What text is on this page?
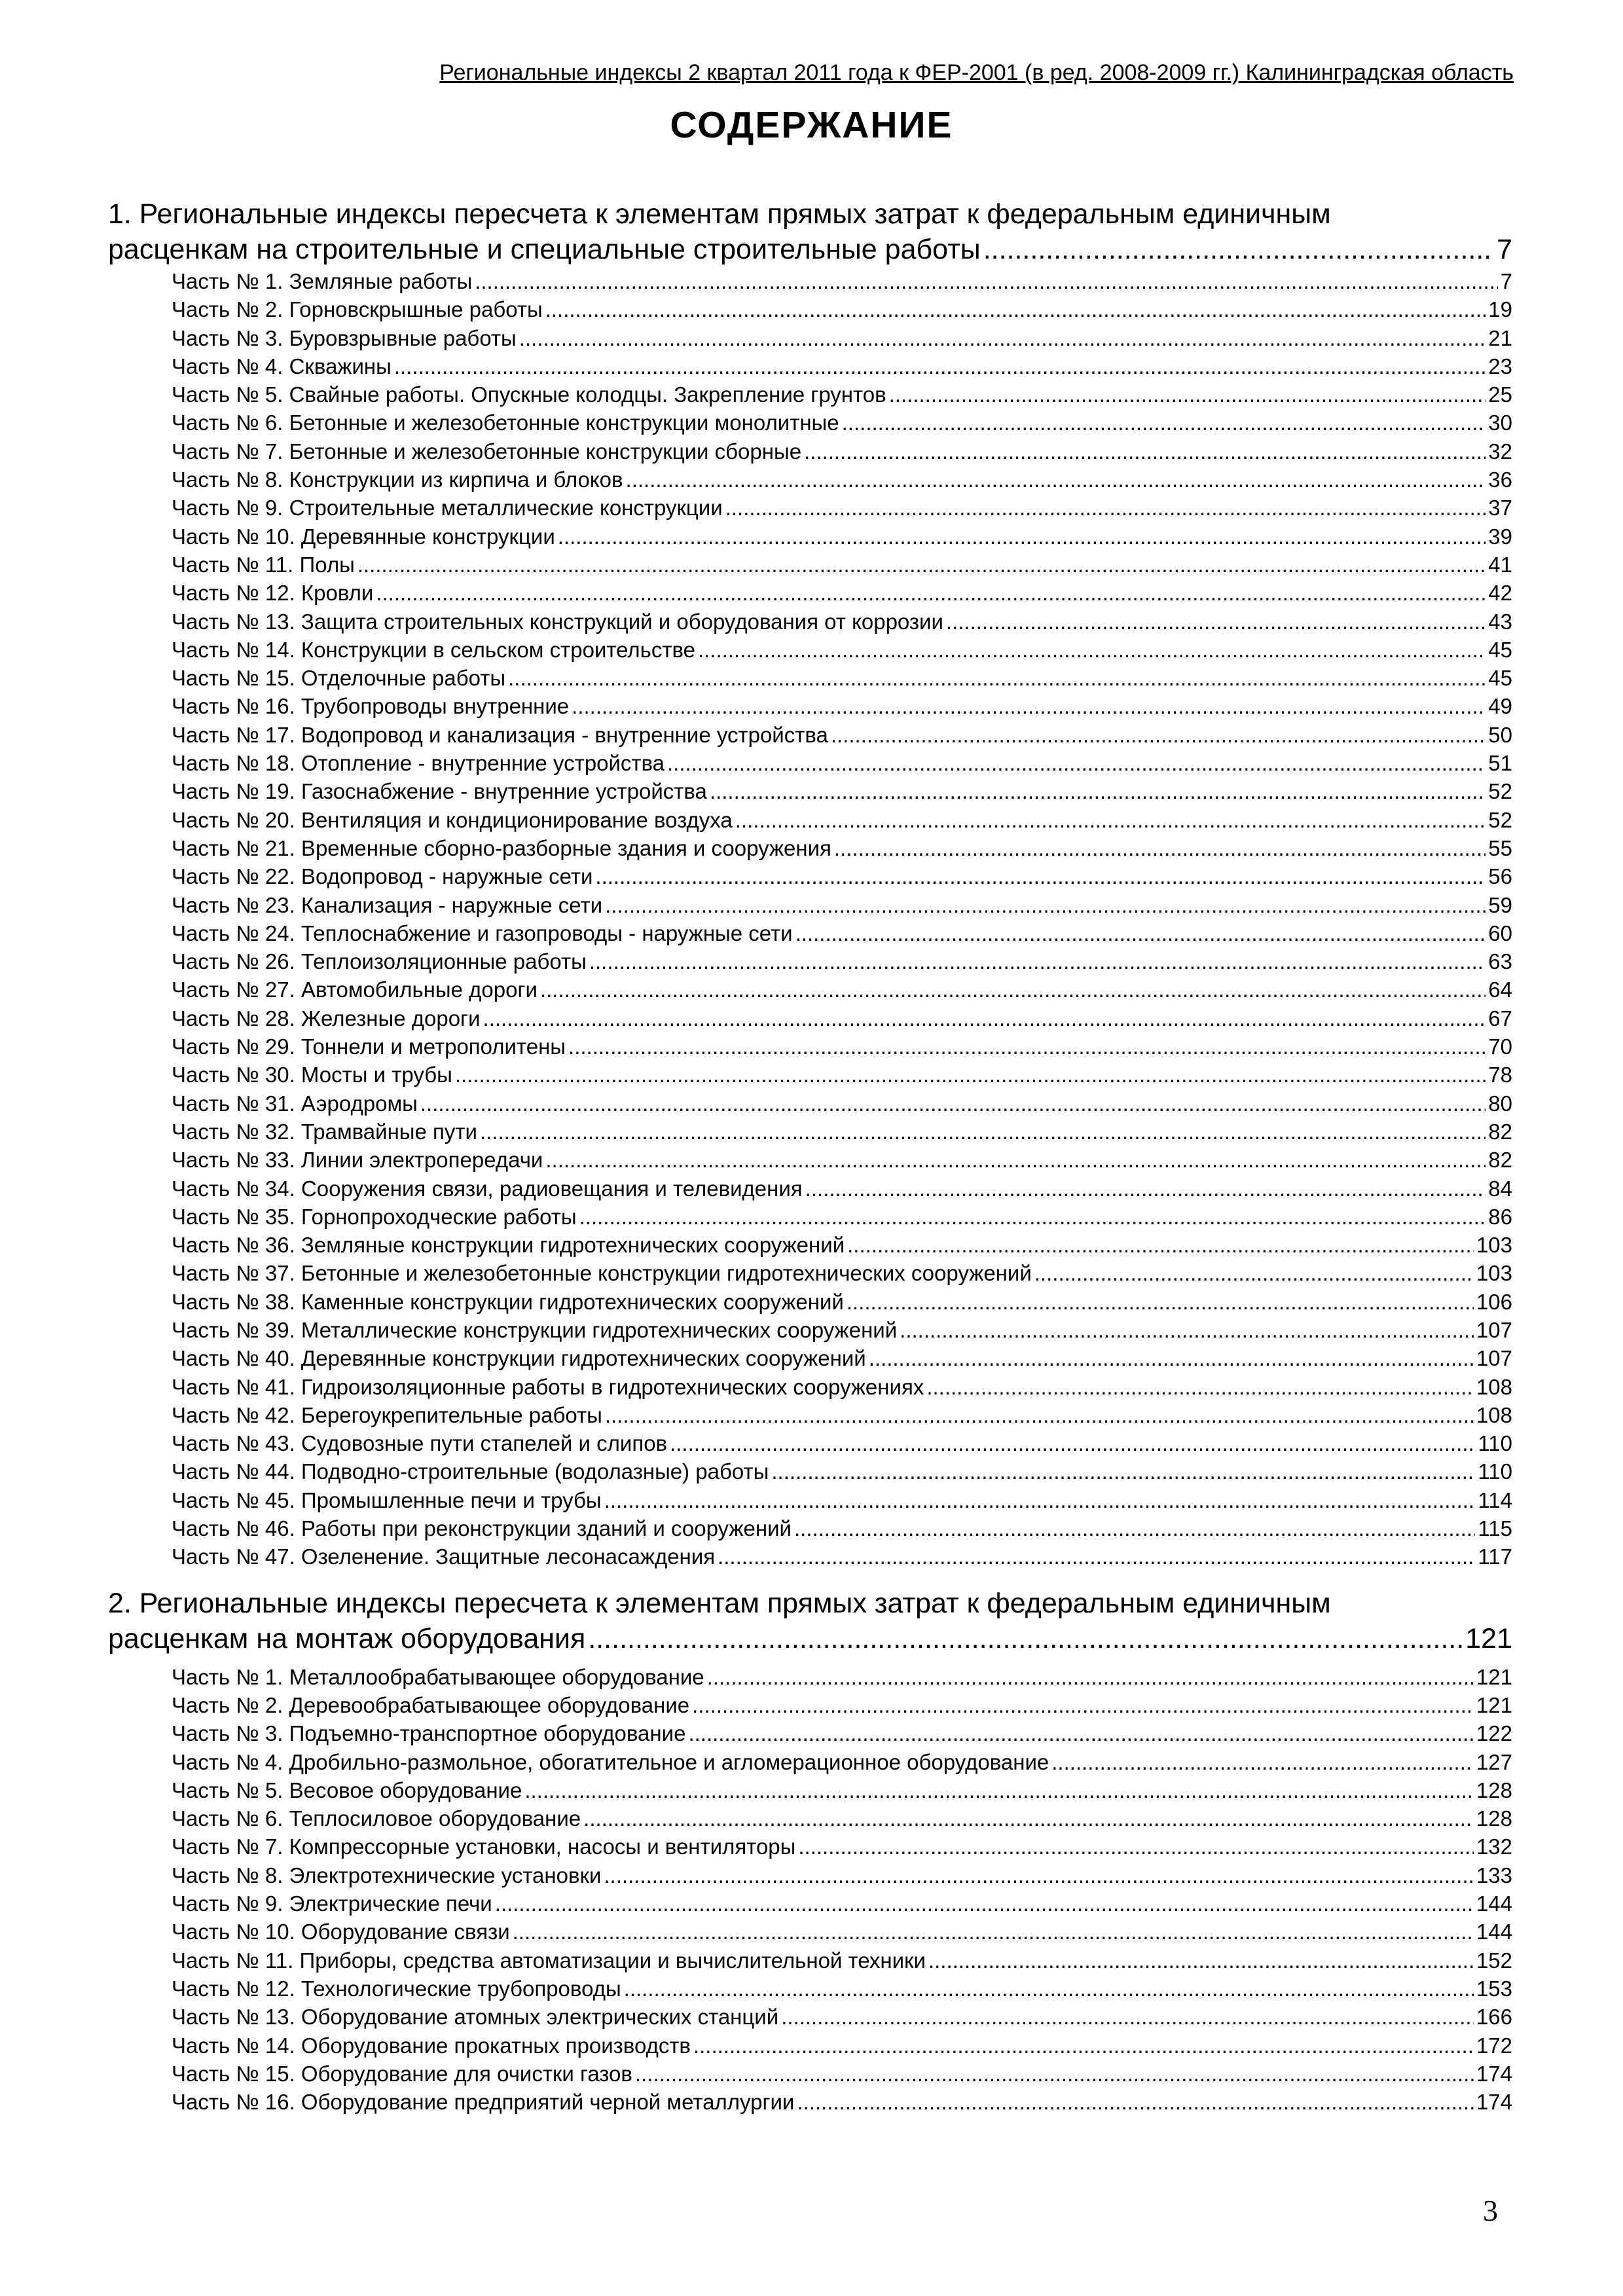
Региональные индексы 2 квартал 2011 года к ФЕР-2001 (в ред. 2008-2009 гг.) Калининградская область
СОДЕРЖАНИЕ
1. Региональные индексы пересчета к элементам прямых затрат к федеральным единичным
расценкам на строительные и специальные строительные работы .....	7
Часть № 1. Земляные работы .....	7
Часть № 2. Горновскрышные работы .....	19
Часть № 3. Буровзрывные работы .....	21
Часть № 4. Скважины .....	23
Часть № 5. Свайные работы. Опускные колодцы. Закрепление грунтов .....	25
Часть № 6. Бетонные и железобетонные конструкции монолитные .....	30
Часть № 7. Бетонные и железобетонные конструкции сборные .....	32
Часть № 8. Конструкции из кирпича и блоков .....	36
Часть № 9. Строительные металлические конструкции .....	37
Часть № 10. Деревянные конструкции .....	39
Часть № 11. Полы .....	41
Часть № 12. Кровли .....	42
Часть № 13. Защита строительных конструкций и оборудования от коррозии .....	43
Часть № 14. Конструкции в сельском строительстве .....	45
Часть № 15. Отделочные работы .....	45
Часть № 16. Трубопроводы внутренние .....	49
Часть № 17. Водопровод и канализация - внутренние устройства .....	50
Часть № 18. Отопление - внутренние устройства .....	51
Часть № 19. Газоснабжение - внутренние устройства .....	52
Часть № 20. Вентиляция и кондиционирование воздуха .....	52
Часть № 21. Временные сборно-разборные здания и сооружения .....	55
Часть № 22. Водопровод - наружные сети .....	56
Часть № 23. Канализация - наружные сети .....	59
Часть № 24. Теплоснабжение и газопроводы - наружные сети .....	60
Часть № 26. Теплоизоляционные работы .....	63
Часть № 27. Автомобильные дороги .....	64
Часть № 28. Железные дороги .....	67
Часть № 29. Тоннели и метрополитены .....	70
Часть № 30. Мосты и трубы .....	78
Часть № 31. Аэродромы .....	80
Часть № 32. Трамвайные пути .....	82
Часть № 33. Линии электропередачи .....	82
Часть № 34. Сооружения связи, радиовещания и телевидения .....	84
Часть № 35. Горнопроходческие работы .....	86
Часть № 36. Земляные конструкции гидротехнических сооружений .....	103
Часть № 37. Бетонные и железобетонные конструкции гидротехнических сооружений .....	103
Часть № 38. Каменные конструкции гидротехнических сооружений .....	106
Часть № 39. Металлические конструкции гидротехнических сооружений .....	107
Часть № 40. Деревянные конструкции гидротехнических сооружений .....	107
Часть № 41. Гидроизоляционные работы в гидротехнических сооружениях .....	108
Часть № 42. Берегоукрепительные работы .....	108
Часть № 43. Судовозные пути стапелей и слипов .....	110
Часть № 44. Подводно-строительные (водолазные) работы .....	110
Часть № 45. Промышленные печи и трубы .....	114
Часть № 46. Работы при реконструкции зданий и сооружений .....	115
Часть № 47. Озеленение. Защитные лесонасаждения .....	117
2. Региональные индексы пересчета к элементам прямых затрат к федеральным единичным
расценкам на монтаж оборудования .....	121
Часть № 1. Металлообрабатывающее оборудование .....	121
Часть № 2. Деревообрабатывающее оборудование .....	121
Часть № 3. Подъемно-транспортное оборудование .....	122
Часть № 4. Дробильно-размольное, обогатительное и агломерационное оборудование .....	127
Часть № 5. Весовое оборудование .....	128
Часть № 6. Теплосиловое оборудование .....	128
Часть № 7. Компрессорные установки, насосы и вентиляторы .....	132
Часть № 8. Электротехнические установки .....	133
Часть № 9. Электрические печи .....	144
Часть № 10. Оборудование связи .....	144
Часть № 11. Приборы, средства автоматизации и вычислительной техники .....	152
Часть № 12. Технологические трубопроводы .....	153
Часть № 13. Оборудование атомных электрических станций .....	166
Часть № 14. Оборудование прокатных производств .....	172
Часть № 15. Оборудование для очистки газов .....	174
Часть № 16. Оборудование предприятий черной металлургии .....	174
3
